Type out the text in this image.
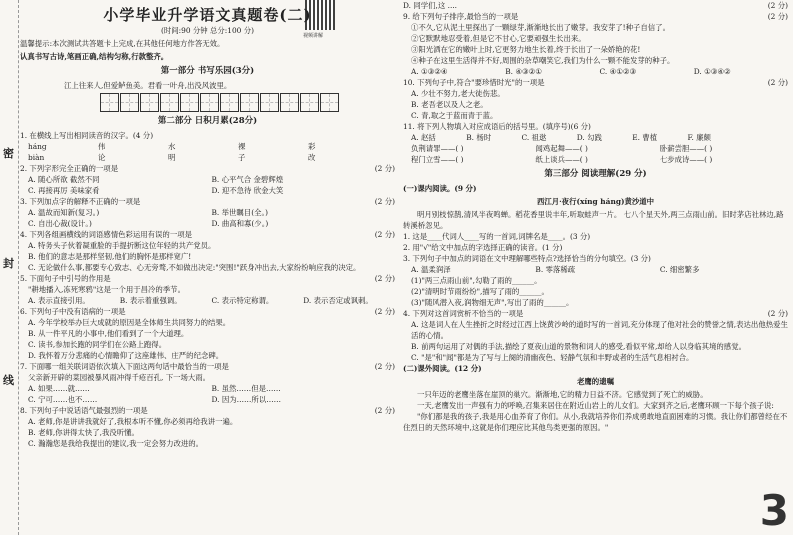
密
封
线
视频讲解
小学毕业升学语文真题卷(二)
(时间:90 分钟 总分:100 分)
温馨提示:本次测试共答题卡上完成,在其他任何地方作答无效。
认真书写古诗,笔画正确,结构匀称,行款整齐。
第一部分 书写乐园(3分)
江上往来人,但爱鲈鱼美。君看一叶舟,出没风波里。
第二部分 日积月累(28分)
1. 在横线上写出相同读音的汉字。(4 分)
hánɡ	伟	水	裸	彩
biàn	论	明	子	改
2. 下列字形完全正确的一项是	(2 分)
A. 随心所欲 截然不同	B. 心平气合 金碧辉煌
C. 再接再厉 美味家肴	D. 迎不急待 欣金大笑
3. 下列加点字的解释不正确的一项是	(2 分)
A. 温故而知新(复习。)	B. 举世瞩目(全。)
C. 自出心裁(设计。)	D. 曲高和寡(少。)
4. 下列各组画横线的词语感情色彩运用有误的一项是	(2 分)
A. 特务头子伙着凝重脸的手提折断这位年轻的共产党员。
B. 他们的意志是那样坚韧,他们的胸怀是那样宽广!
C. 无论做什么事,都要专心致志、心无旁骛,不如做出决定:"突围!"跃身冲出去,大家纷纷响应我的决定。
5. 下面句子中引号的作用是	(2 分)
"耕地播入,冻死寒鸦"这是一个用于昌冷的季节。
A. 表示直接引用。	B. 表示着重强调。	C. 表示特定称谓。	D. 表示否定或讽刺。
6. 下列句子中没有语病的一项是	(2 分)
A. 今年学校举办巨大成就的原因是全体师生共同努力的结果。
B. 从一件平凡的小事中,他们看到了一个大道理。
C. 读书,参加长跑的同学们在公路上跑得。
D. 我怀着万分悲痛的心情瞻仰了这座雄伟、庄严的纪念碑。
7. 下面哪一组关联词语依次填入下面这两句话中最恰当的一项是	(2 分)
父亲新开辟的菜园被暴风雨冲得千疮百孔, 下一场大雨。
A. 如果……就……	B. 虽然……但是……
C. 宁可……也不……	D. 因为……所以……
8. 下列句子中说话语气最强烈的一项是	(2 分)
A. 老师,你是讲讲我就好了,我根本听不懂,你必须再给我讲一遍。
B. 老师,你讲得太快了,我没听懂。
C. 瀚瀚您是我给我提出的建议,我一定会努力改进的。
D. 同学们,这 ....	(2 分)
9. 给下列句子排序,最恰当的一项是	(2 分)
①不久,它从泥土里探出了一颗绿芽,渐渐地长出了嫩芽。我安芽了!种子自信了。
②它默默地忍受着,但是它不甘心,它要顽强生长出来。
③阳光洒在它的嫩叶上时,它更努力地生长着,终于长出了一朵娇艳的花!
④种子在这里生活得并不好,周围的杂草嘲笑它,我们为什么一颗不能发芽的种子。
A. ①③②④	B. ④③②①	C. ④①②③	D. ①③④②
10. 下列句子中,符合"要珍惜时光"的一项是	(2 分)
A. 少壮不努力,老大徒伤悲。
B. 老吾老以及人之老。
C. 青,取之于蓝而青于蓝。
11. 将下列人物填入对应成语后的括号里。(填序号)(6 分)
A. 赵括	B. 杨时	C. 祖逖	D. 勾践	E. 曹植	F. 廉颇
负荆请罪——( )	闻鸡起舞——( )	卧薪尝胆——( )
程门立雪——( )	纸上谈兵——( )	七步成诗——( )
第三部分 阅读理解(29 分)
(一)课内阅读。(9 分)
西江月·夜行(xíng háng)黄沙道中
明月别枝惊鹊,清风半夜鸣蝉。稻花香里说丰年,听取蛙声一片。 七八个星天外,两三点雨山前。旧时茅店社林边,路转溪桥忽见。
1. 这是____代词人____写的一首词,词牌名是____。(3 分)
2. 用"√"给文中加点的字选择正确的读音。(1 分)
3. 下列句子中加点的词语在文中理解哪些特点?选择恰当的分句填空。(3 分)
A. 温柔润泽	B. 零落稀疏	C. 细密繁多
(1)"两三点雨山前",勾勒了雨的______。
(2)"清明时节雨纷纷",描写了雨的______。
(3)"随风潜入夜,润物细无声",写出了雨的______。
4. 下列对这首词赏析不恰当的一项是	(2 分)
A. 这是词人在人生挫折之时经过江西上饶黄沙岭的道时写的一首词,充分体现了他对社会的赞誉之情,表达出他热爱生活的心情。
B. 前两句运用了对偶的手法,描绘了夏夜山道的景物和词人的感受,看似平常,却给人以身临其境的感觉。
C. "是"和"闻"都是为了写与上阕的清幽夜色、轻静气氛和丰野或者的生活气息相衬合。
(二)课外阅读。(12 分)
老鹰的遗嘱
一只年迈的老鹰坐落在崖顶的巢穴。渐渐地,它的精力日益不济。它感觉到了死亡的威胁。
一天,老鹰发出一声强有力的呼唤,召集来居住在附近山岩上的儿女们。大家到齐之后,老鹰环顾一下每个孩子说:
"你们都是我的孩子,我是用心血养育了你们。从小,我就培养你们养成勇敢地直面困难的习惯。我让你们都曾经在不住烈日的天然环境中,这就是你们理应比其他鸟类更强的原因。"
3
